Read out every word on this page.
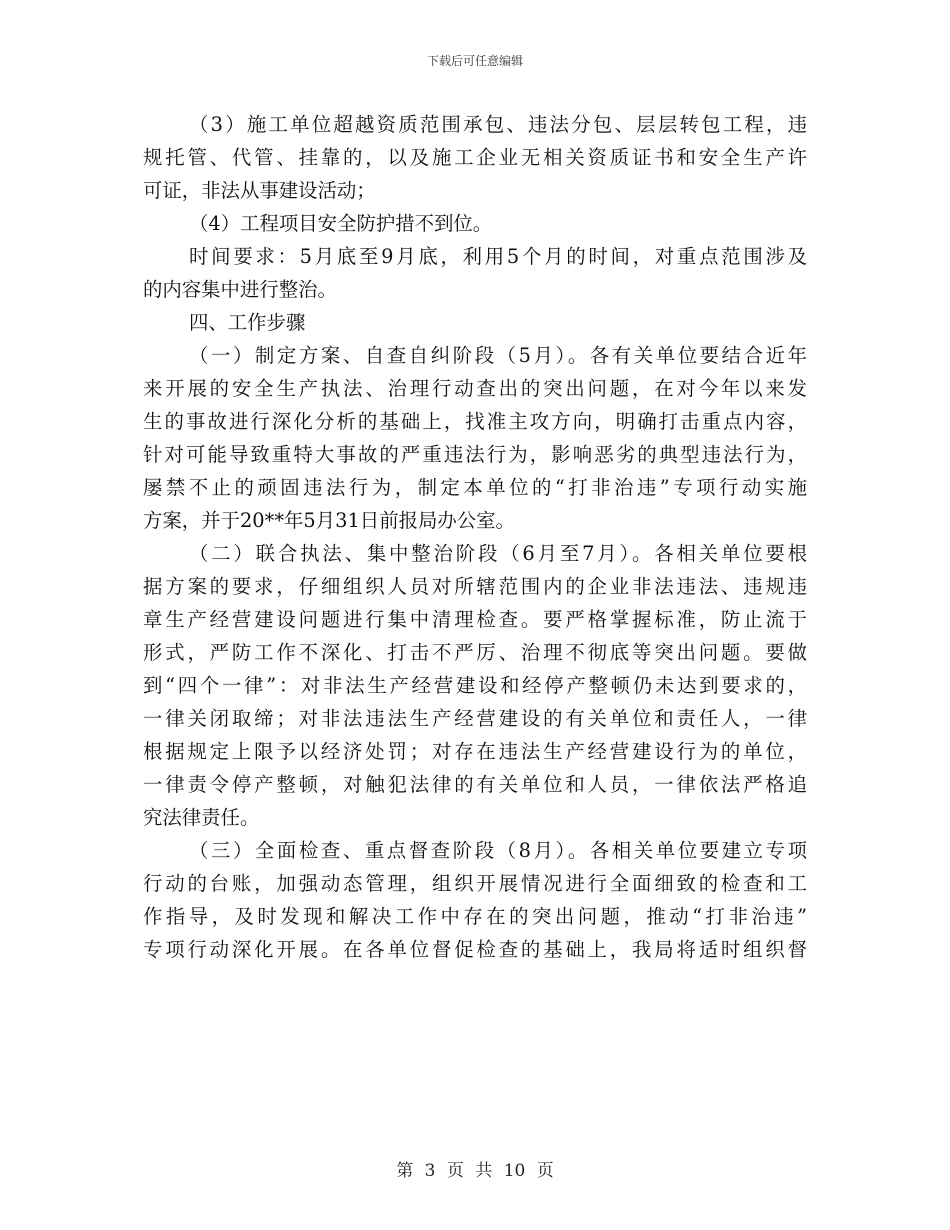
下载后可任意编辑
（3）施工单位超越资质范围承包、违法分包、层层转包工程，违
规托管、代管、挂靠的，以及施工企业无相关资质证书和安全生产许
可证，非法从事建设活动；
（4）工程项目安全防护措不到位。
时间要求：5月底至9月底，利用5个月的时间，对重点范围涉及
的内容集中进行整治。
四、工作步骤
（一）制定方案、自查自纠阶段（5月）。各有关单位要结合近年
来开展的安全生产执法、治理行动查出的突出问题，在对今年以来发
生的事故进行深化分析的基础上，找准主攻方向，明确打击重点内容，
针对可能导致重特大事故的严重违法行为，影响恶劣的典型违法行为，
屡禁不止的顽固违法行为，制定本单位的“打非治违”专项行动实施
方案，并于20**年5月31日前报局办公室。
（二）联合执法、集中整治阶段（6月至7月）。各相关单位要根
据方案的要求，仔细组织人员对所辖范围内的企业非法违法、违规违
章生产经营建设问题进行集中清理检查。要严格掌握标准，防止流于
形式，严防工作不深化、打击不严厉、治理不彻底等突出问题。要做
到“四个一律”：对非法生产经营建设和经停产整顿仍未达到要求的，
一律关闭取缔；对非法违法生产经营建设的有关单位和责任人，一律
根据规定上限予以经济处罚；对存在违法生产经营建设行为的单位，
一律责令停产整顿，对触犯法律的有关单位和人员，一律依法严格追
究法律责任。
（三）全面检查、重点督查阶段（8月）。各相关单位要建立专项
行动的台账，加强动态管理，组织开展情况进行全面细致的检查和工
作指导，及时发现和解决工作中存在的突出问题，推动“打非治违”
专项行动深化开展。在各单位督促检查的基础上，我局将适时组织督
第 3 页 共 10 页
